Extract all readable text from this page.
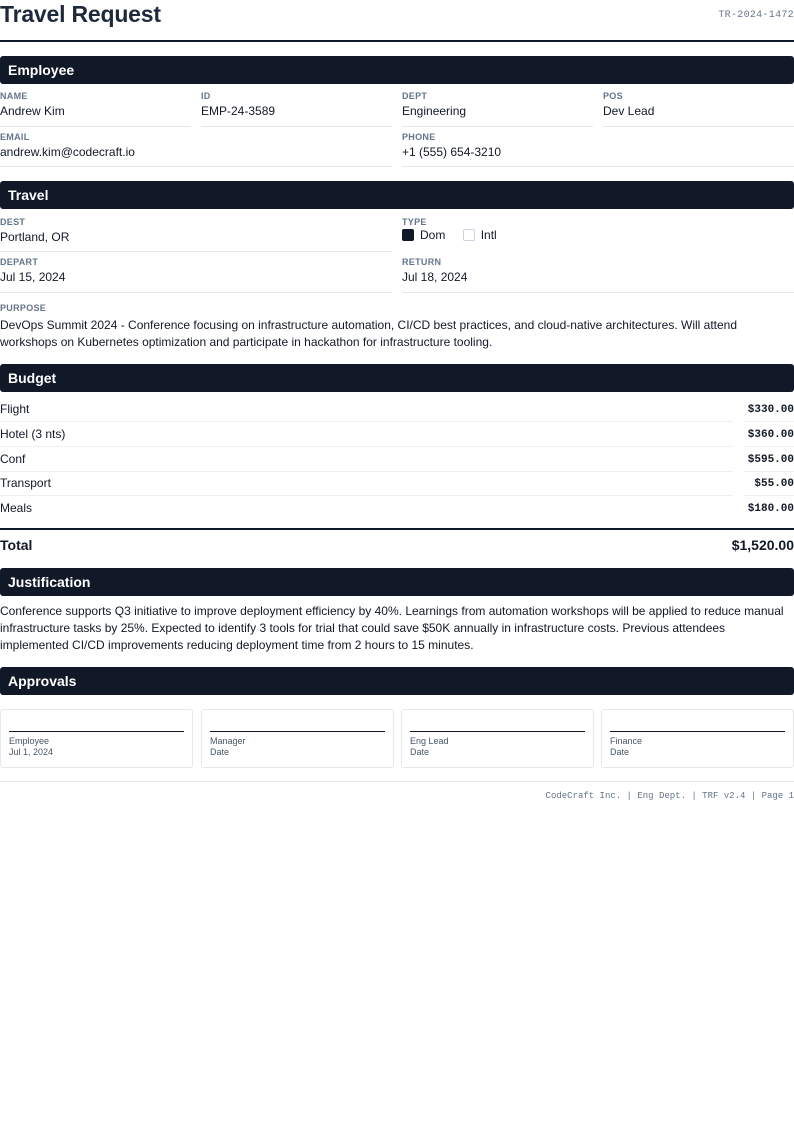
Travel Request	TR-2024-1472
Employee
NAME
Andrew Kim
ID
EMP-24-3589
DEPT
Engineering
POS
Dev Lead
EMAIL
andrew.kim@codecraft.io
PHONE
+1 (555) 654-3210
Travel
DEST
Portland, OR
TYPE
Dom	Intl
DEPART
Jul 15, 2024
RETURN
Jul 18, 2024
PURPOSE
DevOps Summit 2024 - Conference focusing on infrastructure automation, CI/CD best practices, and cloud-native architectures. Will attend workshops on Kubernetes optimization and participate in hackathon for infrastructure tooling.
Budget
Flight	$330.00
Hotel (3 nts)	$360.00
Conf	$595.00
Transport	$55.00
Meals	$180.00
Total	$1,520.00
Justification
Conference supports Q3 initiative to improve deployment efficiency by 40%. Learnings from automation workshops will be applied to reduce manual infrastructure tasks by 25%. Expected to identify 3 tools for trial that could save $50K annually in infrastructure costs. Previous attendees implemented CI/CD improvements reducing deployment time from 2 hours to 15 minutes.
Approvals
Employee
Jul 1, 2024
Manager
Date
Eng Lead
Date
Finance
Date
CodeCraft Inc. | Eng Dept. | TRF v2.4 | Page 1
